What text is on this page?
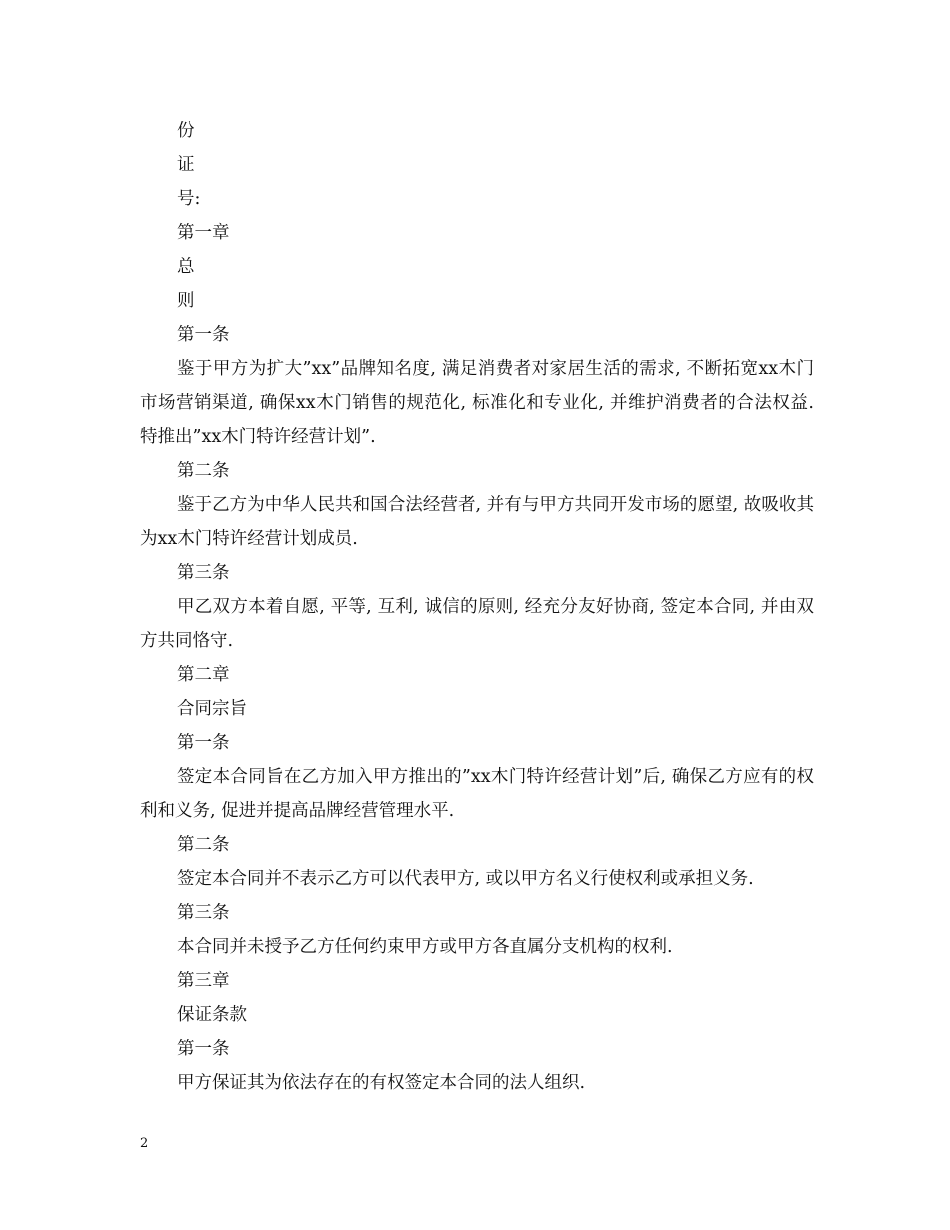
份

证

号:

第一章

总

则

第一条

鉴于甲方为扩大”xx”品牌知名度, 满足消费者对家居生活的需求, 不断拓宽xx木门市场营销渠道, 确保xx木门销售的规范化, 标准化和专业化, 并维护消费者的合法权益. 特推出”xx木门特许经营计划”.

第二条

鉴于乙方为中华人民共和国合法经营者, 并有与甲方共同开发市场的愿望, 故吸收其为xx木门特许经营计划成员.

第三条

甲乙双方本着自愿, 平等, 互利, 诚信的原则, 经充分友好协商, 签定本合同, 并由双方共同恪守.

第二章

合同宗旨

第一条

签定本合同旨在乙方加入甲方推出的”xx木门特许经营计划”后, 确保乙方应有的权利和义务, 促进并提高品牌经营管理水平.

第二条

签定本合同并不表示乙方可以代表甲方, 或以甲方名义行使权利或承担义务.

第三条

本合同并未授予乙方任何约束甲方或甲方各直属分支机构的权利.

第三章

保证条款

第一条

甲方保证其为依法存在的有权签定本合同的法人组织.

2
